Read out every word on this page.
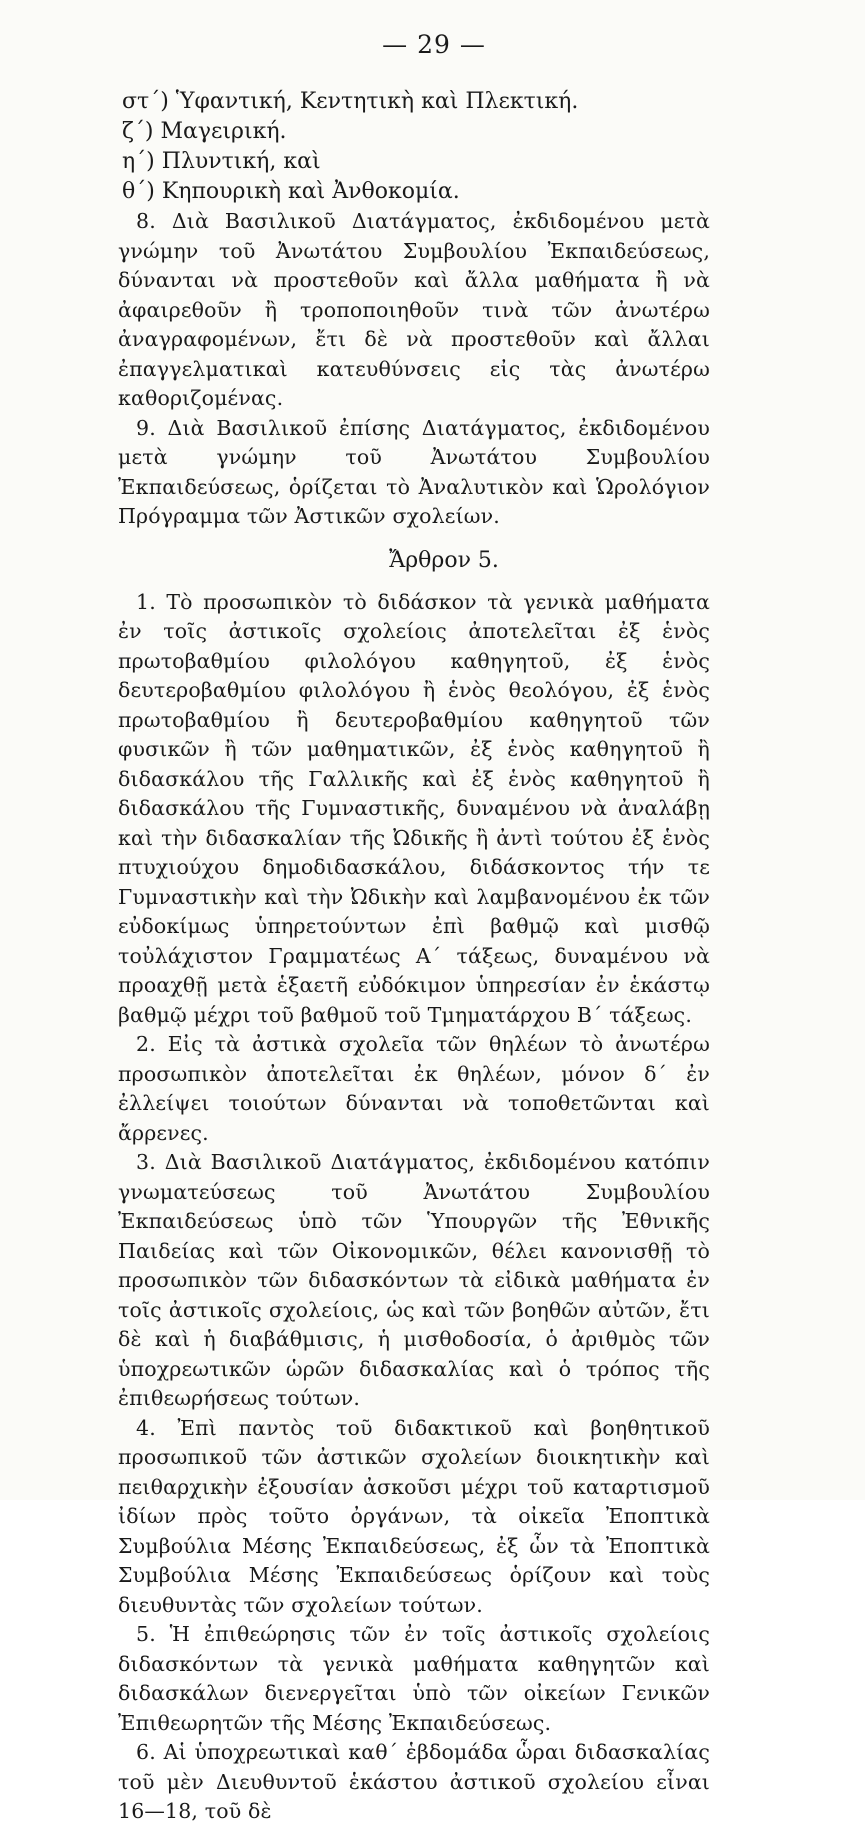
— 29 —

στ΄) Ὑφαντική, Κεντητικὴ καὶ Πλεκτική.

ζ΄) Μαγειρική.

η΄) Πλυντική, καὶ

θ΄) Κηπουρικὴ καὶ Ἀνθοκομία.

8. Διὰ Βασιλικοῦ Διατάγματος, ἐκδιδομένου μετὰ γνώμην τοῦ Ἀνωτάτου Συμβουλίου Ἐκπαιδεύσεως, δύνανται νὰ προστεθοῦν καὶ ἄλλα μαθήματα ἢ νὰ ἀφαιρεθοῦν ἢ τροποποιηθοῦν τινὰ τῶν ἀνωτέρω ἀναγραφομένων, ἔτι δὲ νὰ προστεθοῦν καὶ ἄλλαι ἐπαγγελματικαὶ κατευθύνσεις εἰς τὰς ἀνωτέρω καθοριζομένας.

9. Διὰ Βασιλικοῦ ἐπίσης Διατάγματος, ἐκδιδομένου μετὰ γνώμην τοῦ Ἀνωτάτου Συμβουλίου Ἐκπαιδεύσεως, ὁρίζεται τὸ Ἀναλυτικὸν καὶ Ὡρολόγιον Πρόγραμμα τῶν Ἀστικῶν σχολείων.

Ἄρθρον 5.

1. Τὸ προσωπικὸν τὸ διδάσκον τὰ γενικὰ μαθήματα ἐν τοῖς ἀστικοῖς σχολείοις ἀποτελεῖται ἐξ ἑνὸς πρωτοβαθμίου φιλολόγου καθηγητοῦ, ἐξ ἑνὸς δευτεροβαθμίου φιλολόγου ἢ ἑνὸς θεολόγου, ἐξ ἑνὸς πρωτοβαθμίου ἢ δευτεροβαθμίου καθηγητοῦ τῶν φυσικῶν ἢ τῶν μαθηματικῶν, ἐξ ἑνὸς καθηγητοῦ ἢ διδασκάλου τῆς Γαλλικῆς καὶ ἐξ ἑνὸς καθηγητοῦ ἢ διδασκάλου τῆς Γυμναστικῆς, δυναμένου νὰ ἀναλάβῃ καὶ τὴν διδασκαλίαν τῆς Ὠδικῆς ἢ ἀντὶ τούτου ἐξ ἑνὸς πτυχιούχου δημοδιδασκάλου, διδάσκοντος τήν τε Γυμναστικὴν καὶ τὴν Ὠδικὴν καὶ λαμβανομένου ἐκ τῶν εὐδοκίμως ὑπηρετούντων ἐπὶ βαθμῷ καὶ μισθῷ τοὐλάχιστον Γραμματέως Α΄ τάξεως, δυναμένου νὰ προαχθῇ μετὰ ἑξαετῆ εὐδόκιμον ὑπηρεσίαν ἐν ἑκάστῳ βαθμῷ μέχρι τοῦ βαθμοῦ τοῦ Τμηματάρχου Β΄ τάξεως.

2. Εἰς τὰ ἀστικὰ σχολεῖα τῶν θηλέων τὸ ἀνωτέρω προσωπικὸν ἀποτελεῖται ἐκ θηλέων, μόνον δ΄ ἐν ἐλλείψει τοιούτων δύνανται νὰ τοποθετῶνται καὶ ἄρρενες.

3. Διὰ Βασιλικοῦ Διατάγματος, ἐκδιδομένου κατόπιν γνωματεύσεως τοῦ Ἀνωτάτου Συμβουλίου Ἐκπαιδεύσεως ὑπὸ τῶν Ὑπουργῶν τῆς Ἐθνικῆς Παιδείας καὶ τῶν Οἰκονομικῶν, θέλει κανονισθῇ τὸ προσωπικὸν τῶν διδασκόντων τὰ εἰδικὰ μαθήματα ἐν τοῖς ἀστικοῖς σχολείοις, ὡς καὶ τῶν βοηθῶν αὐτῶν, ἔτι δὲ καὶ ἡ διαβάθμισις, ἡ μισθοδοσία, ὁ ἀριθμὸς τῶν ὑποχρεωτικῶν ὡρῶν διδασκαλίας καὶ ὁ τρόπος τῆς ἐπιθεωρήσεως τούτων.

4. Ἐπὶ παντὸς τοῦ διδακτικοῦ καὶ βοηθητικοῦ προσωπικοῦ τῶν ἀστικῶν σχολείων διοικητικὴν καὶ πειθαρχικὴν ἐξουσίαν ἀσκοῦσι μέχρι τοῦ καταρτισμοῦ ἰδίων πρὸς τοῦτο ὀργάνων, τὰ οἰκεῖα Ἐποπτικὰ Συμβούλια Μέσης Ἐκπαιδεύσεως, ἐξ ὧν τὰ Ἐποπτικὰ Συμβούλια Μέσης Ἐκπαιδεύσεως ὁρίζουν καὶ τοὺς διευθυντὰς τῶν σχολείων τούτων.

5. Ἡ ἐπιθεώρησις τῶν ἐν τοῖς ἀστικοῖς σχολείοις διδασκόντων τὰ γενικὰ μαθήματα καθηγητῶν καὶ διδασκάλων διενεργεῖται ὑπὸ τῶν οἰκείων Γενικῶν Ἐπιθεωρητῶν τῆς Μέσης Ἐκπαιδεύσεως.

6. Αἱ ὑποχρεωτικαὶ καθ΄ ἑβδομάδα ὧραι διδασκαλίας τοῦ μὲν Διευθυντοῦ ἑκάστου ἀστικοῦ σχολείου εἶναι 16—18, τοῦ δὲ
